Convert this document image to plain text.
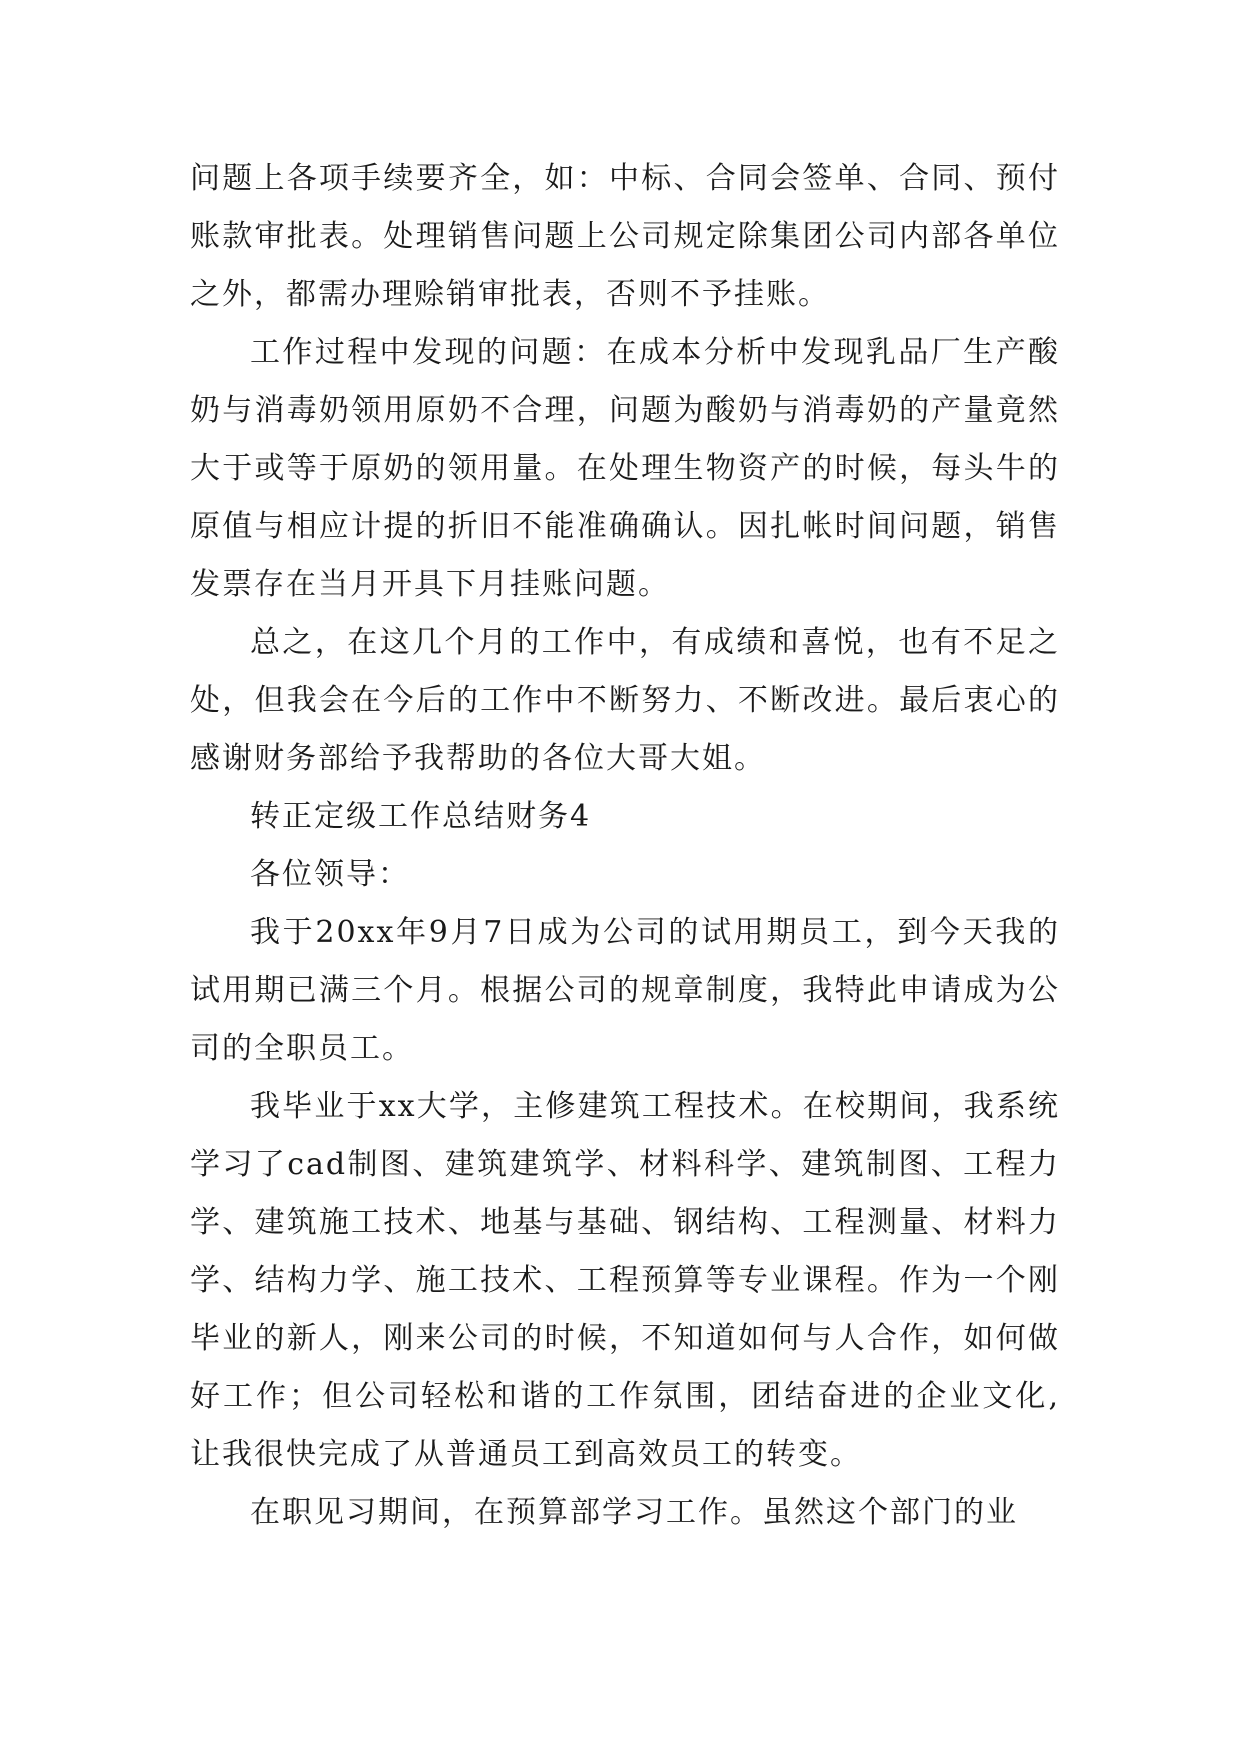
问题上各项手续要齐全，如：中标、合同会签单、合同、预付账款审批表。处理销售问题上公司规定除集团公司内部各单位之外，都需办理赊销审批表，否则不予挂账。

工作过程中发现的问题：在成本分析中发现乳品厂生产酸奶与消毒奶领用原奶不合理，问题为酸奶与消毒奶的产量竟然大于或等于原奶的领用量。在处理生物资产的时候，每头牛的原值与相应计提的折旧不能准确确认。因扎帐时间问题，销售发票存在当月开具下月挂账问题。

总之，在这几个月的工作中，有成绩和喜悦，也有不足之处，但我会在今后的工作中不断努力、不断改进。最后衷心的感谢财务部给予我帮助的各位大哥大姐。

转正定级工作总结财务4

各位领导：

我于20xx年9月7日成为公司的试用期员工，到今天我的试用期已满三个月。根据公司的规章制度，我特此申请成为公司的全职员工。

我毕业于xx大学，主修建筑工程技术。在校期间，我系统学习了cad制图、建筑建筑学、材料科学、建筑制图、工程力学、建筑施工技术、地基与基础、钢结构、工程测量、材料力学、结构力学、施工技术、工程预算等专业课程。作为一个刚毕业的新人，刚来公司的时候，不知道如何与人合作，如何做好工作；但公司轻松和谐的工作氛围，团结奋进的企业文化,让我很快完成了从普通员工到高效员工的转变。

在职见习期间，在预算部学习工作。虽然这个部门的业
